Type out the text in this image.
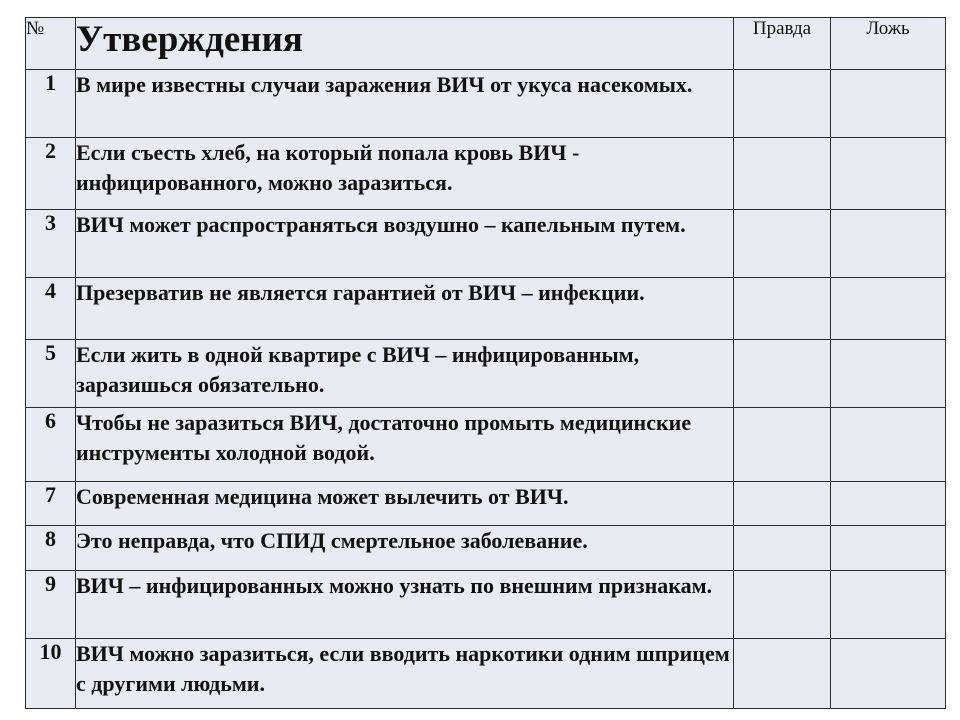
№	Утверждения	Правда	Ложь
1	В мире известны случаи заражения ВИЧ от укуса насекомых.		
2	Если съесть хлеб, на который попала кровь ВИЧ - инфицированного, можно заразиться.		
3	ВИЧ может распространяться воздушно – капельным путем.		
4	Презерватив не является гарантией от ВИЧ – инфекции.		
5	Если жить в одной квартире с ВИЧ – инфицированным, заразишься обязательно.		
6	Чтобы не заразиться ВИЧ, достаточно промыть медицинские инструменты холодной водой.		
7	Современная медицина может вылечить от ВИЧ.		
8	Это неправда, что СПИД смертельное заболевание.		
9	ВИЧ – инфицированных можно узнать по внешним признакам.		
10	ВИЧ можно заразиться, если вводить наркотики одним шприцем с другими людьми.		
